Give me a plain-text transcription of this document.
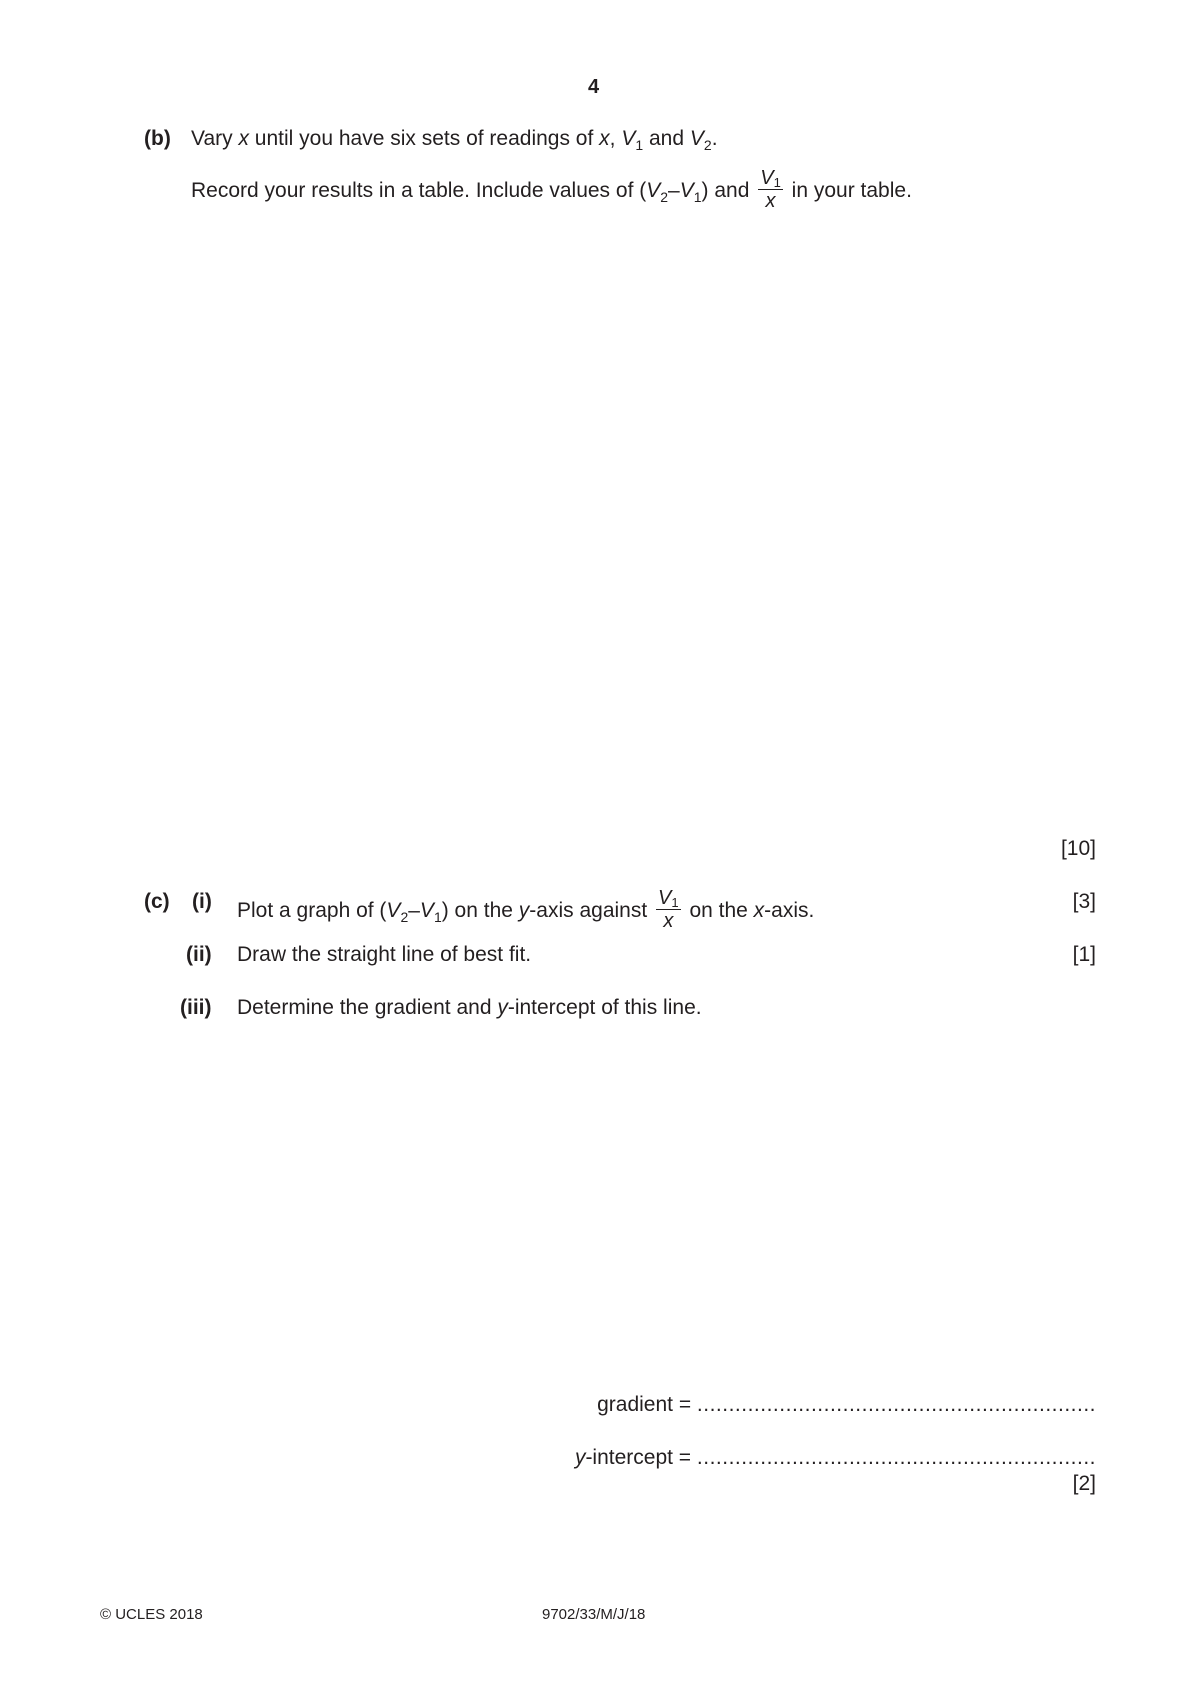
4
(b) Vary x until you have six sets of readings of x, $V_1$ and $V_2$.
Record your results in a table. Include values of $(V_2-V_1)$ and $\frac{V_1}{x}$ in your table.
[10]
(c) (i) Plot a graph of $(V_2-V_1)$ on the y-axis against $\frac{V_1}{x}$ on the x-axis.	[3]
(ii) Draw the straight line of best fit.	[1]
(iii) Determine the gradient and y-intercept of this line.
gradient = ...............................................................
y-intercept = ...............................................................
[2]
© UCLES 2018	9702/33/M/J/18
